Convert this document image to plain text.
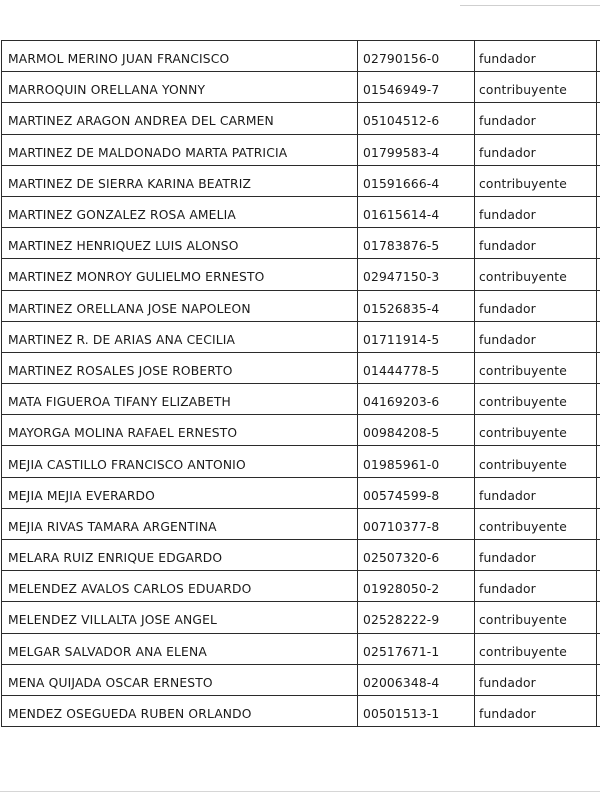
MARMOL MERINO JUAN FRANCISCO	02790156-0	fundador	
MARROQUIN ORELLANA YONNY	01546949-7	contribuyente	
MARTINEZ ARAGON ANDREA DEL CARMEN	05104512-6	fundador	
MARTINEZ DE MALDONADO MARTA PATRICIA	01799583-4	fundador	
MARTINEZ DE SIERRA KARINA BEATRIZ	01591666-4	contribuyente	
MARTINEZ GONZALEZ ROSA AMELIA	01615614-4	fundador	
MARTINEZ HENRIQUEZ LUIS ALONSO	01783876-5	fundador	
MARTINEZ MONROY GULIELMO ERNESTO	02947150-3	contribuyente	
MARTINEZ ORELLANA JOSE NAPOLEON	01526835-4	fundador	
MARTINEZ R. DE ARIAS ANA CECILIA	01711914-5	fundador	
MARTINEZ ROSALES JOSE ROBERTO	01444778-5	contribuyente	
MATA FIGUEROA TIFANY ELIZABETH	04169203-6	contribuyente	
MAYORGA MOLINA RAFAEL ERNESTO	00984208-5	contribuyente	
MEJIA CASTILLO FRANCISCO ANTONIO	01985961-0	contribuyente	
MEJIA MEJIA EVERARDO	00574599-8	fundador	
MEJIA RIVAS TAMARA ARGENTINA	00710377-8	contribuyente	
MELARA RUIZ ENRIQUE EDGARDO	02507320-6	fundador	
MELENDEZ AVALOS CARLOS EDUARDO	01928050-2	fundador	
MELENDEZ VILLALTA JOSE ANGEL	02528222-9	contribuyente	
MELGAR SALVADOR ANA ELENA	02517671-1	contribuyente	
MENA QUIJADA OSCAR ERNESTO	02006348-4	fundador	
MENDEZ OSEGUEDA RUBEN ORLANDO	00501513-1	fundador	
